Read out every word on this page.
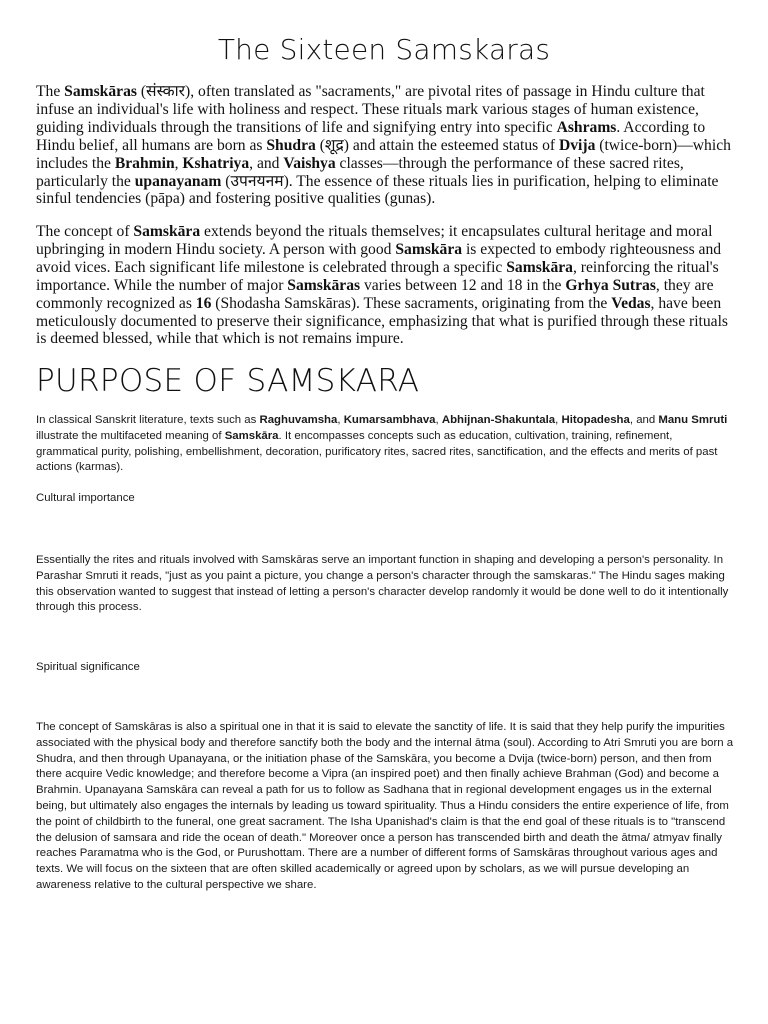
The Sixteen Samskaras

The Samskāras (संस्कार), often translated as "sacraments," are pivotal rites of passage in Hindu culture that infuse an individual's life with holiness and respect. These rituals mark various stages of human existence, guiding individuals through the transitions of life and signifying entry into specific Ashrams. According to Hindu belief, all humans are born as Shudra (शूद्र) and attain the esteemed status of Dvija (twice-born)—which includes the Brahmin, Kshatriya, and Vaishya classes—through the performance of these sacred rites, particularly the upanayanam (उपनयनम). The essence of these rituals lies in purification, helping to eliminate sinful tendencies (pāpa) and fostering positive qualities (gunas).

The concept of Samskāra extends beyond the rituals themselves; it encapsulates cultural heritage and moral upbringing in modern Hindu society. A person with good Samskāra is expected to embody righteousness and avoid vices. Each significant life milestone is celebrated through a specific Samskāra, reinforcing the ritual's importance. While the number of major Samskāras varies between 12 and 18 in the Grhya Sutras, they are commonly recognized as 16 (Shodasha Samskāras). These sacraments, originating from the Vedas, have been meticulously documented to preserve their significance, emphasizing that what is purified through these rituals is deemed blessed, while that which is not remains impure.

PURPOSE OF SAMSKARA

In classical Sanskrit literature, texts such as Raghuvamsha, Kumarsambhava, Abhijnan-Shakuntala, Hitopadesha, and Manu Smruti illustrate the multifaceted meaning of Samskāra. It encompasses concepts such as education, cultivation, training, refinement, grammatical purity, polishing, embellishment, decoration, purificatory rites, sacred rites, sanctification, and the effects and merits of past actions (karmas).

Cultural importance

Essentially the rites and rituals involved with Samskāras serve an important function in shaping and developing a person's personality. In Parashar Smruti it reads, "just as you paint a picture, you change a person's character through the samskaras." The Hindu sages making this observation wanted to suggest that instead of letting a person's character develop randomly it would be done well to do it intentionally through this process.

Spiritual significance

The concept of Samskāras is also a spiritual one in that it is said to elevate the sanctity of life. It is said that they help purify the impurities associated with the physical body and therefore sanctify both the body and the internal ātma (soul). According to Atri Smruti you are born a Shudra, and then through Upanayana, or the initiation phase of the Samskāra, you become a Dvija (twice-born) person, and then from there acquire Vedic knowledge; and therefore become a Vipra (an inspired poet) and then finally achieve Brahman (God) and become a Brahmin. Upanayana Samskāra can reveal a path for us to follow as Sadhana that in regional development engages us in the external being, but ultimately also engages the internals by leading us toward spirituality. Thus a Hindu considers the entire experience of life, from the point of childbirth to the funeral, one great sacrament. The Isha Upanishad's claim is that the end goal of these rituals is to "transcend the delusion of samsara and ride the ocean of death." Moreover once a person has transcended birth and death the ātma/ atmyav finally reaches Paramatma who is the God, or Purushottam. There are a number of different forms of Samskāras throughout various ages and texts. We will focus on the sixteen that are often skilled academically or agreed upon by scholars, as we will pursue developing an awareness relative to the cultural perspective we share.
